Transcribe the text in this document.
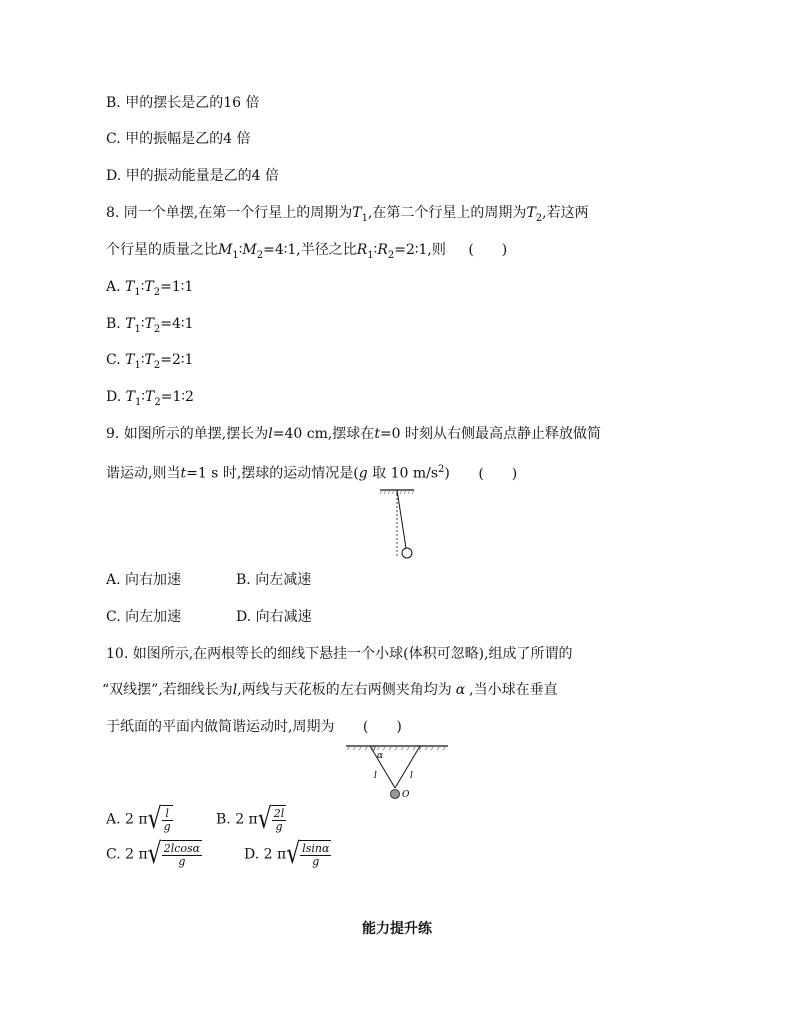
B. 甲的摆长是乙的16 倍
C. 甲的振幅是乙的4 倍
D. 甲的振动能量是乙的4 倍
8. 同一个单摆,在第一个行星上的周期为$T_1$,在第二个行星上的周期为$T_2$,若这两
个行星的质量之比$M_1∶M_2=4∶1$,半径之比$R_1∶R_2=2∶1$,则 (　　)
A. $T_1∶T_2=1∶1$
B. $T_1∶T_2=4∶1$
C. $T_1∶T_2=2∶1$
D. $T_1∶T_2=1∶2$
9. 如图所示的单摆,摆长为l=40 cm,摆球在t=0 时刻从右侧最高点静止释放做简
谐运动,则当t=1 s 时,摆球的运动情况是(g 取 10 $m/s^2$) (　　)
A. 向右加速	B. 向左减速
C. 向左加速	D. 向右减速
10. 如图所示,在两根等长的细线下悬挂一个小球(体积可忽略),组成了所谓的
“双线摆”,若细线长为l,两线与天花板的左右两侧夹角均为 α ,当小球在垂直
于纸面的平面内做简谐运动时,周期为 (　　)
α
l	l
O
A. 2 $\pi√ \frac{l}{g}$	B. 2 $\pi√ \frac{2l}{g}$
C. 2 $\pi√ \frac{2lcos\alpha}{g}$	D. 2 $\pi√ \frac{lsin\alpha}{g}$
能力提升练
